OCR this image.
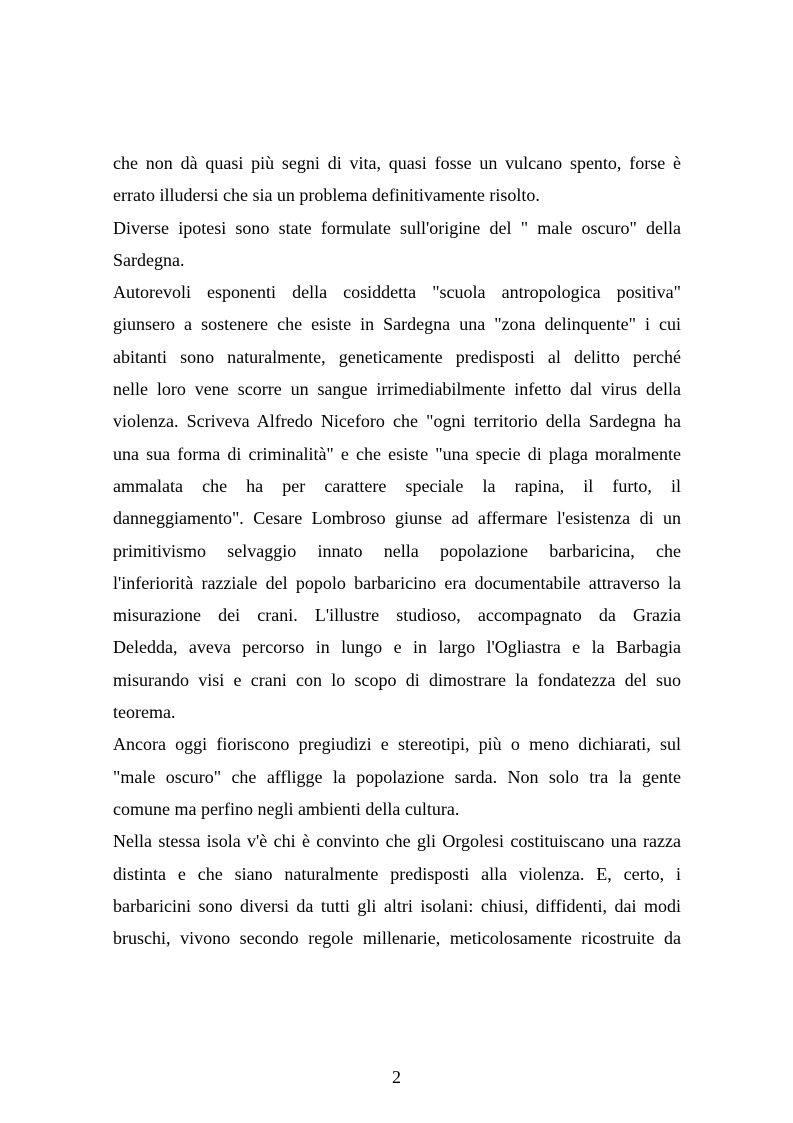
che non dà quasi più segni di vita, quasi fosse un vulcano spento, forse è
errato illudersi che sia un problema definitivamente risolto.
Diverse ipotesi sono state formulate sull'origine del " male oscuro" della
Sardegna.
Autorevoli esponenti della cosiddetta "scuola antropologica positiva"
giunsero a sostenere che esiste in Sardegna una "zona delinquente" i cui
abitanti sono naturalmente, geneticamente predisposti al delitto perché
nelle loro vene scorre un sangue irrimediabilmente infetto dal virus della
violenza. Scriveva Alfredo Niceforo che "ogni territorio della Sardegna ha
una sua forma di criminalità" e che esiste "una specie di plaga moralmente
ammalata che ha per carattere speciale la rapina, il furto, il
danneggiamento". Cesare Lombroso giunse ad affermare l'esistenza di un
primitivismo selvaggio innato nella popolazione barbaricina, che
l'inferiorità razziale del popolo barbaricino era documentabile attraverso la
misurazione dei crani. L'illustre studioso, accompagnato da Grazia
Deledda, aveva percorso in lungo e in largo l'Ogliastra e la Barbagia
misurando visi e crani con lo scopo di dimostrare la fondatezza del suo
teorema.
Ancora oggi fioriscono pregiudizi e stereotipi, più o meno dichiarati, sul
"male oscuro" che affligge la popolazione sarda. Non solo tra la gente
comune ma perfino negli ambienti della cultura.
Nella stessa isola v'è chi è convinto che gli Orgolesi costituiscano una razza
distinta e che siano naturalmente predisposti alla violenza. E, certo, i
barbaricini sono diversi da tutti gli altri isolani: chiusi, diffidenti, dai modi
bruschi, vivono secondo regole millenarie, meticolosamente ricostruite da
2
